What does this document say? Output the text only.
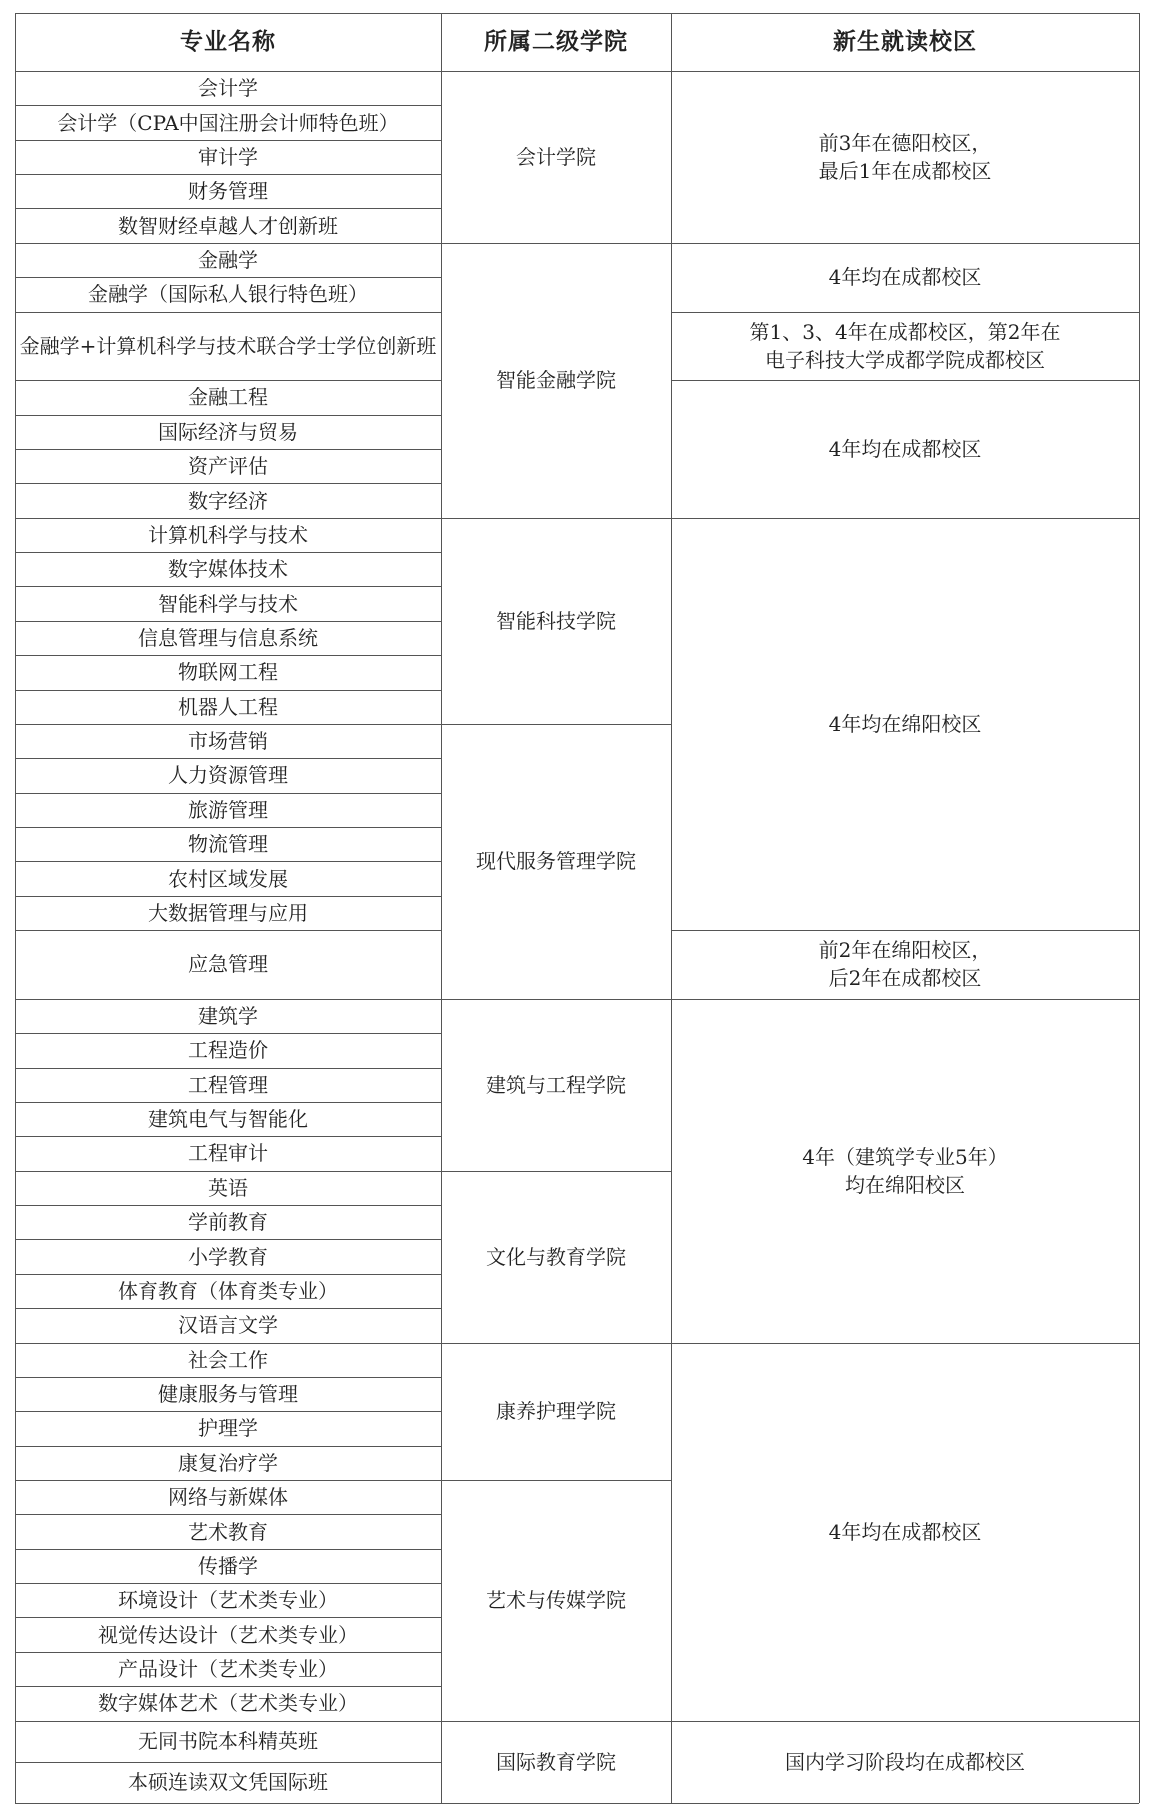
专业名称	所属二级学院	新生就读校区
会计学
会计学（CPA中国注册会计师特色班）
审计学
财务管理
数智财经卓越人才创新班
金融学
金融学（国际私人银行特色班）
金融学+计算机科学与技术联合学士学位创新班
金融工程
国际经济与贸易
资产评估
数字经济
计算机科学与技术
数字媒体技术
智能科学与技术
信息管理与信息系统
物联网工程
机器人工程
市场营销
人力资源管理
旅游管理
物流管理
农村区域发展
大数据管理与应用
应急管理
建筑学
工程造价
工程管理
建筑电气与智能化
工程审计
英语
学前教育
小学教育
体育教育（体育类专业）
汉语言文学
社会工作
健康服务与管理
护理学
康复治疗学
网络与新媒体
艺术教育
传播学
环境设计（艺术类专业）
视觉传达设计（艺术类专业）
产品设计（艺术类专业）
数字媒体艺术（艺术类专业）
无同书院本科精英班
本硕连读双文凭国际班
会计学院
智能金融学院
智能科技学院
现代服务管理学院
建筑与工程学院
文化与教育学院
康养护理学院
艺术与传媒学院
国际教育学院
前3年在德阳校区，
最后1年在成都校区
4年均在成都校区
第1、3、4年在成都校区，第2年在
电子科技大学成都学院成都校区
4年均在成都校区
4年均在绵阳校区
前2年在绵阳校区，
后2年在成都校区
4年（建筑学专业5年）
均在绵阳校区
4年均在成都校区
国内学习阶段均在成都校区
